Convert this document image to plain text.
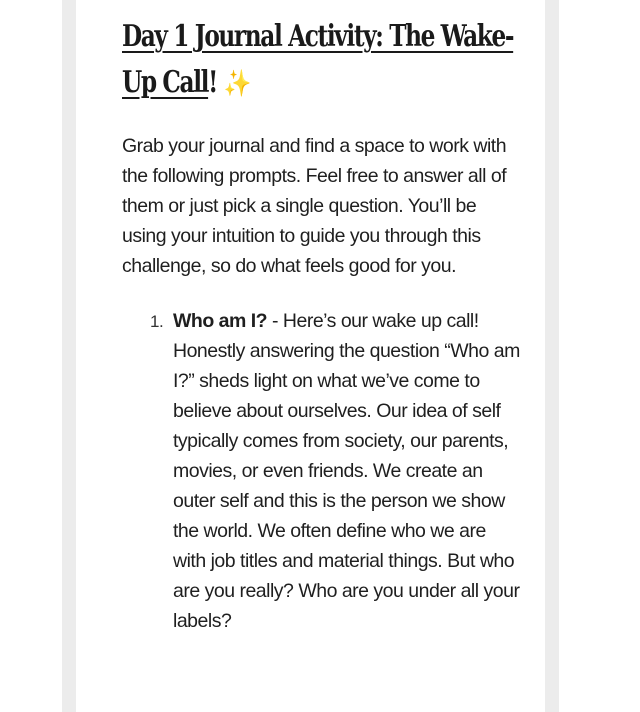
Day 1 Journal Activity: The Wake-Up Call! ✨

Grab your journal and find a space to work with the following prompts. Feel free to answer all of them or just pick a single question. You’ll be using your intuition to guide you through this challenge, so do what feels good for you.

1. Who am I? - Here’s our wake up call! Honestly answering the question “Who am I?” sheds light on what we’ve come to believe about ourselves. Our idea of self typically comes from society, our parents, movies, or even friends. We create an outer self and this is the person we show the world. We often define who we are with job titles and material things. But who are you really? Who are you under all your labels?
